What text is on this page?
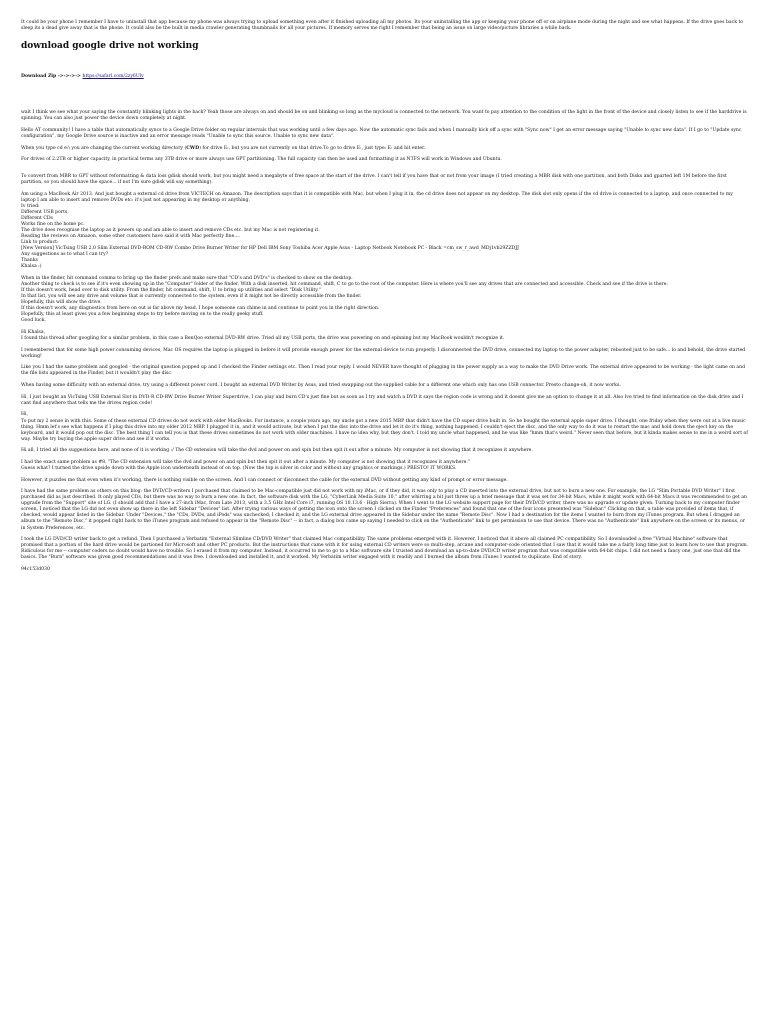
It could be your phone I remember I have to uninstall that app because my phone was always trying to upload something even after it finished uploading all my photos. Its your uninstalling the app or keeping your phone off or on airplane mode during the night and see what happens. If the drive goes back to sleep its a dead give away that is the phone. It could also be the built in media crawler generating thumbnails for all your pictures. If memory serves me right I remember that being an issue on large video/picture libraries a while back.

download google drive not working

Download Zip ->->->-> https://safarl.com/2zy6Ulv

wait I think we see what your saying the constantly blinking lights in the back? Yeah those are always on and should be on and blinking so long as the mycloud is connected to the network. You want to pay attention to the condition of the light in the front of the device and closely listen to see if the harddrive is spinning. You can also just power the device down completely at night.

Hello AT community! I have a table that automatically syncs to a Google Drive folder on regular intervals that was working until a few days ago. Now the automatic sync fails and when I manually kick off a sync with "Sync now" I get an error message saying "Unable to sync new data". If I go to "Update sync configuration", my Google Drive source is inactive and an error message reads "Unable to sync this source. Unable to sync new data".

When you type cd e:\ you are changing the current working directory (CWD) for drive E:, but you are not currently on that drive.To go to drive E:, just type: E: and hit enter.

For drives of 2.2TB or higher capacity, in practical terms any 3TB drive or more always use GPT partitioning. The full capacity can then be used and formatting it as NTFS will work in Windows and Ubuntu.

To convert from MBR to GPT without reformatting & data loss gdisk should work, but you might need a megabyte of free space at the start of the drive. I can't tell if you have that or not from your image (I tried creating a MBR disk with one partition, and both Disks and gparted left 1M before the first partition, so you should have the space... if not I'm sure gdisk will say something).

Am using a MacBook Air 2013. And just bought a external cd drive from VICTECH on Amazon. The description says that it is compatible with Mac, but when I plug it in, the cd drive does not appear on my desktop. The disk slot only opens if the cd drive is connected to a laptop, and once connected to my laptop I am able to insert and remove DVDs etc: it's just not appearing in my desktop or anything.

Iv tried:

Different USB ports,

Different CDs

Works fine on the home pc.

The drive does recognise the laptop as it powers up and am able to insert and remove CDs etc. but my Mac is not registering it.

Reading the reviews on Amazon, some other customers have said it with Mac perfectly fine....

Link to product:

[New Version] VicTsing USB 2.0 Slim External DVD-ROM CD-RW Combo Drive Burner Writer for HP Dell IBM Sony Toshiba Acer Apple Asus - Laptop Netbook Notebook PC - Black =cm_sw_r_awd_MDj1vb29ZZDJJ

Any suggestions as to what I can try?

Thanks

Khalsa :)

When in the finder, hit command comma to bring up the finder prefs and make sure that "CD's and DVD's" is checked to show on the desktop.

Another thing to check is to see if it's even showing up in the "Computer" folder of the finder. With a disk inserted, hit command, shift, C to go to the root of the computer. Here is where you'll see any drives that are connected and accessible. Check and see if the drive is there.

If this doesn't work, head over to disk utility. From the finder, hit command, shift, U to bring up utilities and select "Disk Utility."

In that list, you will see any drive and volume that is currently connected to the system, even if it might not be directly accessible from the finder.

Hopefully, this will show the drive.

If this doesn't work, any diagnostics from here on out is far above my head. I hope someone can chime in and continue to point you in the right direction.

Hopefully, this at least gives you a few beginning steps to try before moving on to the really geeky stuff.

Good luck.

Hi Khalsa,

I found this thread after googling for a similar problem, in this case a BenQoo external DVD-RW drive. Tried all my USB ports, the drive was powering on and spinning but my MacBook wouldn't recognize it.

I remembered that for some high power consuming devices, Mac OS requires the laptop is plugged in before it will provide enough power for the external device to run properly. I disconnected the DVD drive, connected my laptop to the power adapter, rebooted just to be safe... lo and behold, the drive started working!

Like you I had the same problem and googled - the original question popped up and I checked the Finder settings etc. Then I read your reply. I would NEVER have thought of plugging in the power supply as a way to make the DVD Drive work. The external drive appeared to be working - the light came on and the file lists appeared in the Finder, but it wouldn't play the disc.

When having some difficulty with an external drive, try using a different power cord. I bought an external DVD Writer by Asus, and tried swapping out the supplied cable for a different one which only has one USB connector. Presto change-oh, it now works.

Hi, I just bought an VicTsing USB External Slot in DVD-R CD-RW Drive Burner Writer Superdrive, I can play and burn CD's just fine but as soon as I try and watch a DVD it says the region code is wrong and it doesnt give me an option to change it at all. Also Ive tried to find information on the disk drive and I cant find anywhere that tells me the drives region code!

Hi,

To put my 2 sense in with this. Some of these external CD drives do not work with older MacBooks. For instance, a couple years ago, my uncle got a new 2015 MBP that didn't have the CD super drive built in. So he bought the external apple super drive. I thought, one friday when they were out at a live music thing. Hmm let's see what happens if I plug this drive into my older 2012 MBP. I plugged it in, and it would activate, but when I put the disc into the drive and let it do it's thing, nothing happened. I couldn't eject the disc, and the only way to do it was to restart the mac and hold down the eject key on the keyboard, and it would pop out the disc. The best thing I can tell you is that these drives sometimes do not work with older machines. I have no idea why, but they don't. I told my uncle what happened, and he was like "hmm that's weird." Never seen that before, but it kinda makes sense to me in a weird sort of way. Maybe try buying the apple super drive and see if it works.

Hi all, I tried all the suggestions here, and none of it is working :/ The CD extension will take the dvd and power on and spin but then spit it out after a minute. My computer is not showing that it recognizes it anywhere.

I had the exact same problem as #8. "The CD extension will take the dvd and power on and spin but then spit it out after a minute. My computer is not showing that it recognizes it anywhere."

Guess what? I turned the drive upside down with the Apple icon underneath instead of on top. (Now the top is silver in color and without any graphics or markings.) PRESTO! IT WORKS.

However, it puzzles me that even when it's working, there is nothing visible on the screen. And I can connect or disconnect the cable for the external DVD without getting any kind of prompt or error message.

I have had the same problem as others on this blog: the DVD/CD-writers I purchased that claimed to be Mac-compatible just did not work with my iMac, or if they did, it was only to play a CD inserted into the external drive, but not to burn a new one. For example, the LG "Slim Portable DVD Writer" I first purchased did as just described. It only played CDs, but there was no way to burn a new one. In fact, the software disk with the LG, "CyberLink Media Suite 10," after whirring a bit just threw up a brief message that it was set for 34-bit Macs, while it might work with 64-bit Macs it was recommended to get an upgrade from the "Support" site of LG. (I should add that I have a 27-inch iMac, from Late 2013, with a 3.5 GHz Intel Core i7, running OS 10.13.6 - High Sierra). When I went to the LG website support page for their DVD/CD writer, there was no upgrade or update given. Turning back to my computer finder screen, I noticed that the LG did not even show up there in the left Sidebar "Devices" list. After trying various ways of getting the icon onto the screen I clicked on the Finder "Preferences" and found that one of the four icons presented was "Sidebar." Clicking on that, a table was provided of items that, if checked, would appear listed in the Sidebar. Under "Devices," the "CDs, DVDs, and iPods" was unchecked; I checked it, and the LG external drive appeared in the Sidebar under the name "Remote Disc". Now I had a destination for the items I wanted to burn from my iTunes program. But when I dragged an album to the "Remote Disc," it popped right back to the iTunes program and refused to appear in the "Remote Disc" -- in fact, a dialog box came up saying I needed to click on the "Authenticate" link to get permission to use that device. There was no "Authenticate" link anywhere on the screen or its menus, or in System Preferences, etc.

I took the LG DVD/CD writer back to get a refund. Then I purchased a Verbatim "External Slimline CD/DVD Writer" that claimed Mac compatibility. The same problems emerged with it. However, I noticed that it above all claimed PC compatibility. So I downloaded a free "Virtual Machine" software that promised that a portion of the hard drive would be partioned for Microsoft and other PC products. But the instructions that came with it for using external CD writers were so multi-step, arcane and computer-code oriented that I saw that it would take me a fairly long time just to learn how to use that program. Ridiculous for me -- computer coders no doubt would have no trouble. So I erased it from my computer. Instead, it occurred to me to go to a Mac software site I trusted and download an up-to-date DVD/CD writer program that was compatible with 64-bit chips. I did not need a fancy one, just one that did the basics. The "Burn" software was given good recommendations and it was free. I downloaded and installed it, and it worked. My Verbatim writer engaged with it readily and I burned the album from iTunes I wanted to duplicate. End of story.

94c153d030
